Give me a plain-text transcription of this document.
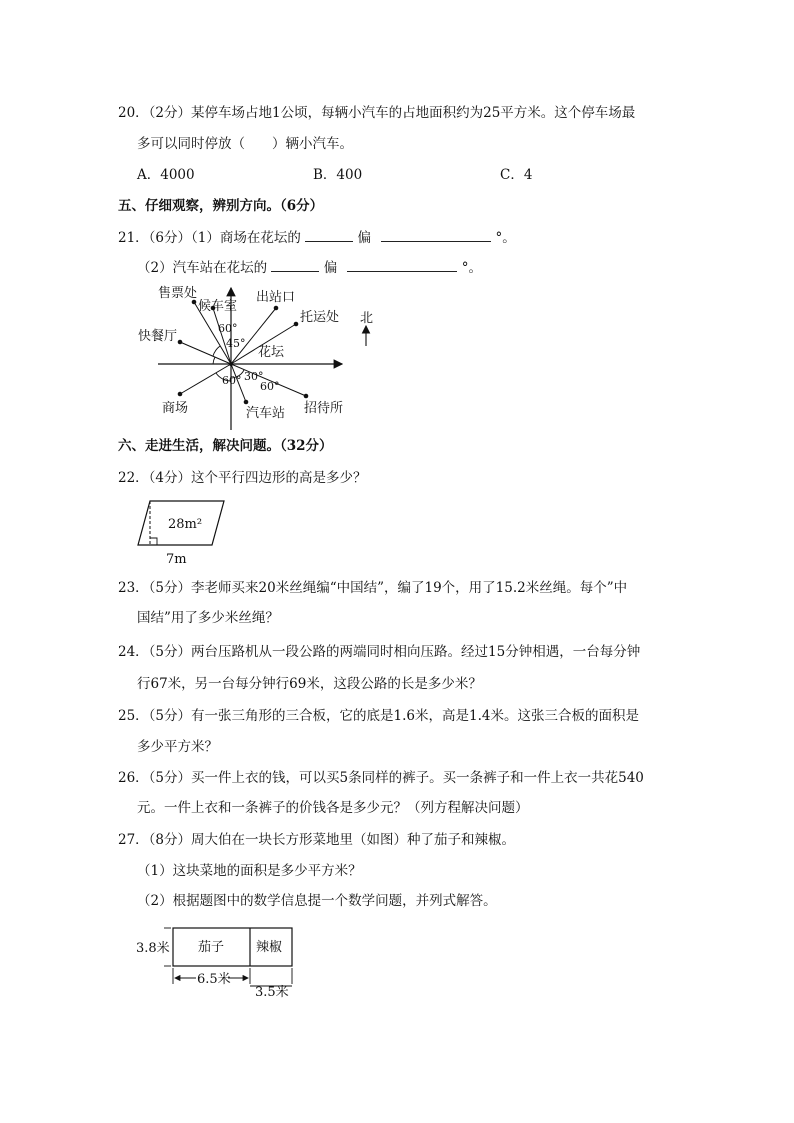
20．（2分）某停车场占地1公顷，每辆小汽车的占地面积约为25平方米。这个停车场最
多可以同时停放（　　）辆小汽车。
A．4000	B．400	C．4
五、仔细观察，辨别方向。（6分）
21．（6分）（1）商场在花坛的	偏	°。
（2）汽车站在花坛的	偏	°。
售票处
候车室
出站口
托运处
快餐厅
花坛
商场	汽车站 招待所
北
60°
45°
60° 30°
60°
六、走进生活，解决问题。（32分）
22．（4分）这个平行四边形的高是多少？
28m²
7m
23．（5分）李老师买来20米丝绳编“中国结”，编了19个，用了15.2米丝绳。每个”中
国结”用了多少米丝绳？
24．（5分）两台压路机从一段公路的两端同时相向压路。经过15分钟相遇，一台每分钟
行67米，另一台每分钟行69米，这段公路的长是多少米？
25．（5分）有一张三角形的三合板，它的底是1.6米，高是1.4米。这张三合板的面积是
多少平方米？
26．（5分）买一件上衣的钱，可以买5条同样的裤子。买一条裤子和一件上衣一共花540
元。一件上衣和一条裤子的价钱各是多少元？（列方程解决问题）
27．（8分）周大伯在一块长方形菜地里（如图）种了茄子和辣椒。
（1）这块菜地的面积是多少平方米？
（2）根据题图中的数学信息提一个数学问题，并列式解答。
3.8米 茄子 辣椒
6.5米
3.5米
